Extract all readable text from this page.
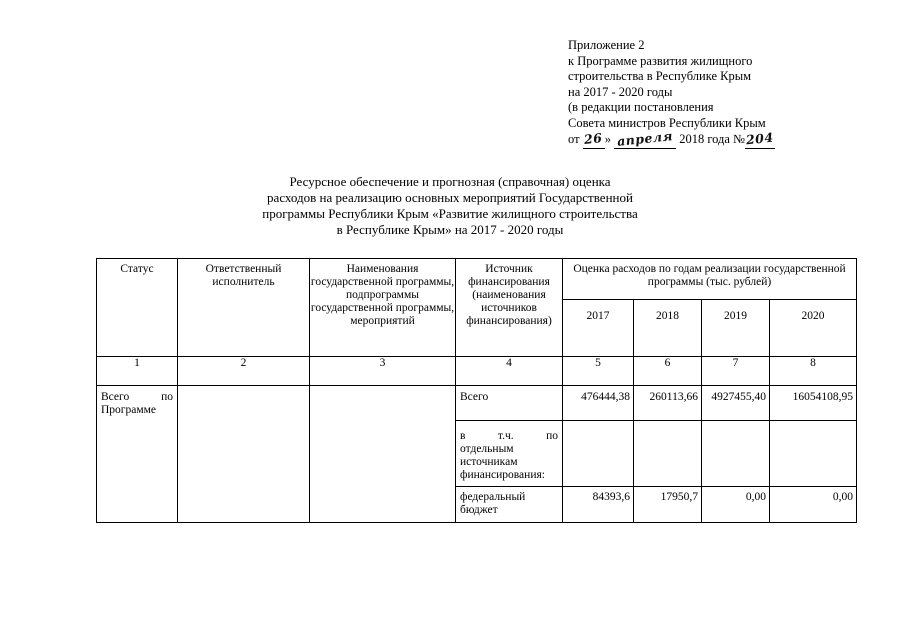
Приложение 2
к Программе развития жилищного
строительства в Республике Крым
на 2017 - 2020 годы
(в редакции постановления
Совета министров Республики Крым
от 26» апреля 2018 года №204
Ресурсное обеспечение и прогнозная (справочная) оценка
расходов на реализацию основных мероприятий Государственной
программы Республики Крым «Развитие жилищного строительства
в Республике Крым» на 2017 - 2020 годы
Статус	Ответственный исполнитель	Наименования государственной программы, подпрограммы государственной программы, мероприятий	Источник финансирования (наименования источников финансирования)	Оценка расходов по годам реализации государственной программы (тыс. рублей)			
				2017	2018	2019	2020
1	2	3	4	5	6	7	8

Всего по
Программе			Всего	476444,38	260113,66	4927455,40	16054108,95

			в т.ч. по
отдельным источникам финансирования:				

			федеральный бюджет	84393,6	17950,7	0,00	0,00
